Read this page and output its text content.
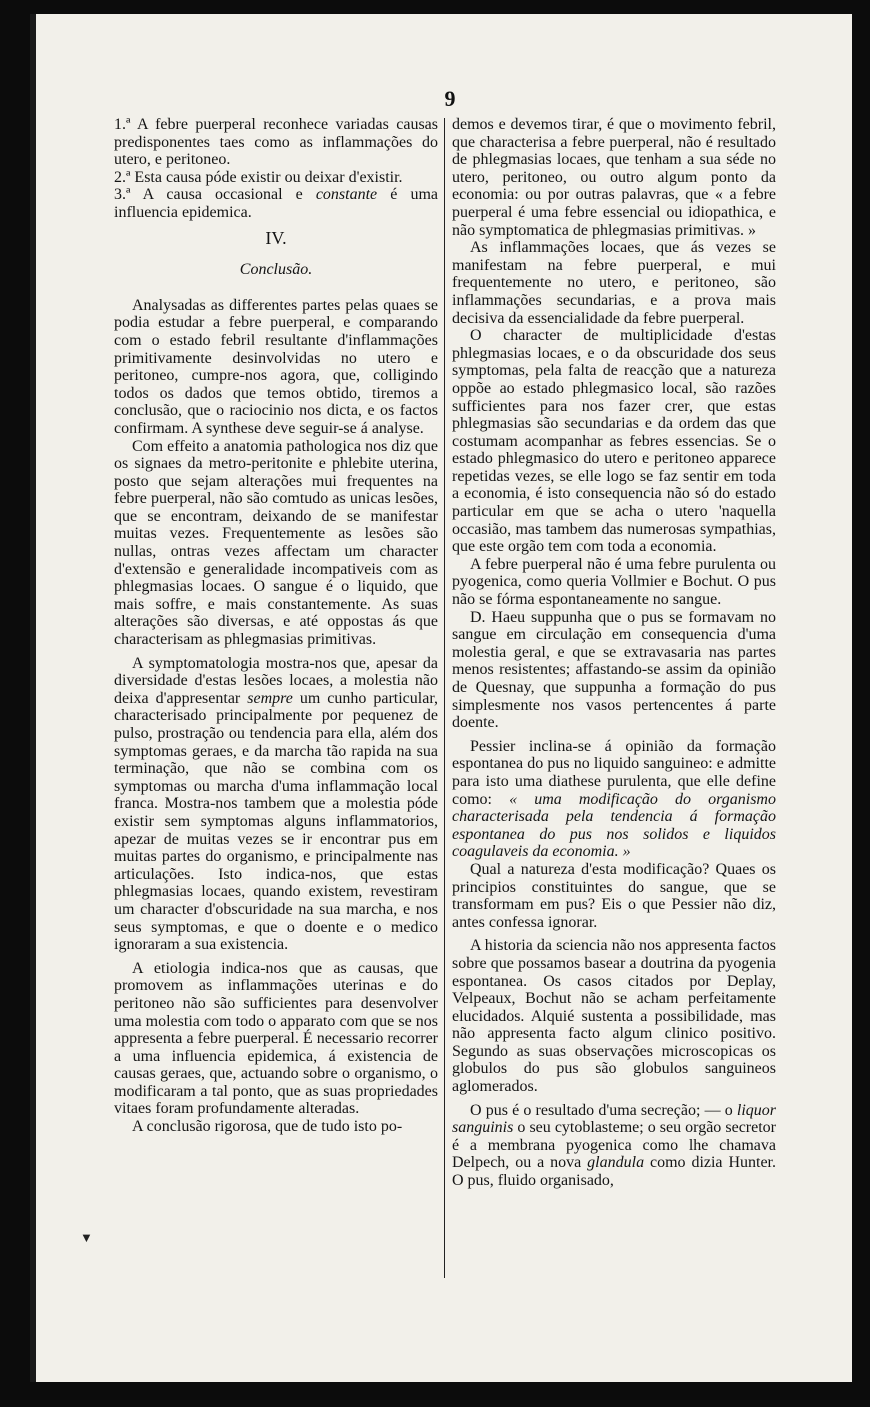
9

1.ª A febre puerperal reconhece variadas causas predisponentes taes como as inflammações do utero, e peritoneo.

2.ª Esta causa póde existir ou deixar d'existir.

3.ª A causa occasional e constante é uma influencia epidemica.

IV.

Conclusão.

Analysadas as differentes partes pelas quaes se podia estudar a febre puerperal, e comparando com o estado febril resultante d'inflammações primitivamente desinvolvidas no utero e peritoneo, cumpre-nos agora, que, colligindo todos os dados que temos obtido, tiremos a conclusão, que o raciocinio nos dicta, e os factos confirmam. A synthese deve seguir-se á analyse.

Com effeito a anatomia pathologica nos diz que os signaes da metro-peritonite e phlebite uterina, posto que sejam alterações mui frequentes na febre puerperal, não são comtudo as unicas lesões, que se encontram, deixando de se manifestar muitas vezes. Frequentemente as lesões são nullas, ontras vezes affectam um character d'extensão e generalidade incompativeis com as phlegmasias locaes. O sangue é o liquido, que mais soffre, e mais constantemente. As suas alterações são diversas, e até oppostas ás que characterisam as phlegmasias primitivas.

A symptomatologia mostra-nos que, apesar da diversidade d'estas lesões locaes, a molestia não deixa d'appresentar sempre um cunho particular, characterisado principalmente por pequenez de pulso, prostração ou tendencia para ella, além dos symptomas geraes, e da marcha tão rapida na sua terminação, que não se combina com os symptomas ou marcha d'uma inflammação local franca. Mostra-nos tambem que a molestia póde existir sem symptomas alguns inflammatorios, apezar de muitas vezes se ir encontrar pus em muitas partes do organismo, e principalmente nas articulações. Isto indica-nos, que estas phlegmasias locaes, quando existem, revestiram um character d'obscuridade na sua marcha, e nos seus symptomas, e que o doente e o medico ignoraram a sua existencia.

A etiologia indica-nos que as causas, que promovem as inflammações uterinas e do peritoneo não são sufficientes para desenvolver uma molestia com todo o apparato com que se nos appresenta a febre puerperal. É necessario recorrer a uma influencia epidemica, á existencia de causas geraes, que, actuando sobre o organismo, o modificaram a tal ponto, que as suas propriedades vitaes foram profundamente alteradas.

A conclusão rigorosa, que de tudo isto po-

demos e devemos tirar, é que o movimento febril, que characterisa a febre puerperal, não é resultado de phlegmasias locaes, que tenham a sua séde no utero, peritoneo, ou outro algum ponto da economia: ou por outras palavras, que « a febre puerperal é uma febre essencial ou idiopathica, e não symptomatica de phlegmasias primitivas. »

As inflammações locaes, que ás vezes se manifestam na febre puerperal, e mui frequentemente no utero, e peritoneo, são inflammações secundarias, e a prova mais decisiva da essencialidade da febre puerperal.

O character de multiplicidade d'estas phlegmasias locaes, e o da obscuridade dos seus symptomas, pela falta de reacção que a natureza oppõe ao estado phlegmasico local, são razões sufficientes para nos fazer crer, que estas phlegmasias são secundarias e da ordem das que costumam acompanhar as febres essencias. Se o estado phlegmasico do utero e peritoneo apparece repetidas vezes, se elle logo se faz sentir em toda a economia, é isto consequencia não só do estado particular em que se acha o utero 'naquella occasião, mas tambem das numerosas sympathias, que este orgão tem com toda a economia.

A febre puerperal não é uma febre purulenta ou pyogenica, como queria Vollmier e Bochut. O pus não se fórma espontaneamente no sangue.

D. Haeu suppunha que o pus se formavam no sangue em circulação em consequencia d'uma molestia geral, e que se extravasaria nas partes menos resistentes; affastando-se assim da opinião de Quesnay, que suppunha a formação do pus simplesmente nos vasos pertencentes á parte doente.

Pessier inclina-se á opinião da formação espontanea do pus no liquido sanguineo: e admitte para isto uma diathese purulenta, que elle define como: « uma modificação do organismo characterisada pela tendencia á formação espontanea do pus nos solidos e liquidos coagulaveis da economia. »

Qual a natureza d'esta modificação? Quaes os principios constituintes do sangue, que se transformam em pus? Eis o que Pessier não diz, antes confessa ignorar.

A historia da sciencia não nos appresenta factos sobre que possamos basear a doutrina da pyogenia espontanea. Os casos citados por Deplay, Velpeaux, Bochut não se acham perfeitamente elucidados. Alquié sustenta a possibilidade, mas não appresenta facto algum clinico positivo. Segundo as suas observações microscopicas os globulos do pus são globulos sanguineos aglomerados.

O pus é o resultado d'uma secreção; — o liquor sanguinis o seu cytoblasteme; o seu orgão secretor é a membrana pyogenica como lhe chamava Delpech, ou a nova glandula como dizia Hunter. O pus, fluido organisado,

▼
